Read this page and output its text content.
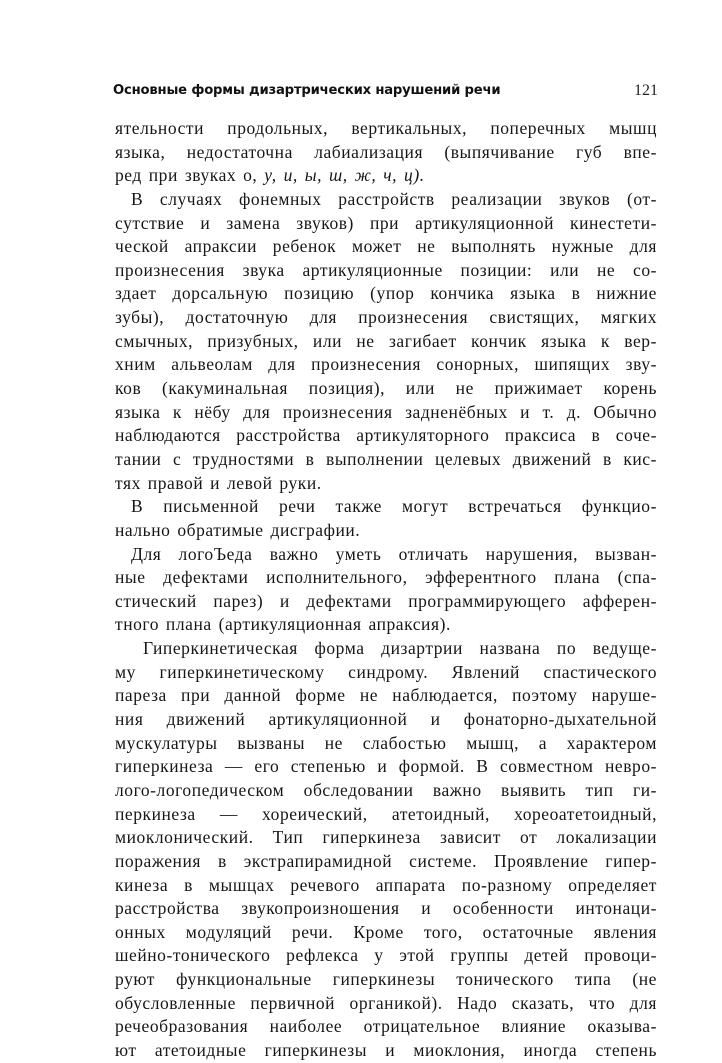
Основные формы дизартрических нарушений речи	121
ятельности продольных, вертикальных, поперечных мышц
языка, недостаточна лабиализация (выпячивание губ впе-
ред при звуках о, у, и, ы, ш, ж, ч, ц).
В случаях фонемных расстройств реализации звуков (от-
сутствие и замена звуков) при артикуляционной кинестети-
ческой апраксии ребенок может не выполнять нужные для
произнесения звука артикуляционные позиции: или не со-
здает дорсальную позицию (упор кончика языка в нижние
зубы), достаточную для произнесения свистящих, мягких
смычных, призубных, или не загибает кончик языка к вер-
хним альвеолам для произнесения сонорных, шипящих зву-
ков (какуминальная позиция), или не прижимает корень
языка к нёбу для произнесения задненёбных и т. д. Обычно
наблюдаются расстройства артикуляторного праксиса в соче-
тании с трудностями в выполнении целевых движений в кис-
тях правой и левой руки.
В письменной речи также могут встречаться функцио-
нально обратимые дисграфии.
Для логоЪеда важно уметь отличать нарушения, вызван-
ные дефектами исполнительного, эфферентного плана (спа-
стический парез) и дефектами программирующего афферен-
тного плана (артикуляционная апраксия).
Гиперкинетическая форма дизартрии названа по ведуще-
му гиперкинетическому синдрому. Явлений спастического
пареза при данной форме не наблюдается, поэтому наруше-
ния движений артикуляционной и фонаторно-дыхательной
мускулатуры вызваны не слабостью мышц, а характером
гиперкинеза — его степенью и формой. В совместном невро-
лого-логопедическом обследовании важно выявить тип ги-
перкинеза — хореический, атетоидный, хореоатетоидный,
миоклонический. Тип гиперкинеза зависит от локализации
поражения в экстрапирамидной системе. Проявление гипер-
кинеза в мышцах речевого аппарата по-разному определяет
расстройства звукопроизношения и особенности интонаци-
онных модуляций речи. Кроме того, остаточные явления
шейно-тонического рефлекса у этой группы детей провоци-
руют функциональные гиперкинезы тонического типа (не
обусловленные первичной органикой). Надо сказать, что для
речеобразования наиболее отрицательное влияние оказыва-
ют атетоидные гиперкинезы и миоклония, иногда степень
